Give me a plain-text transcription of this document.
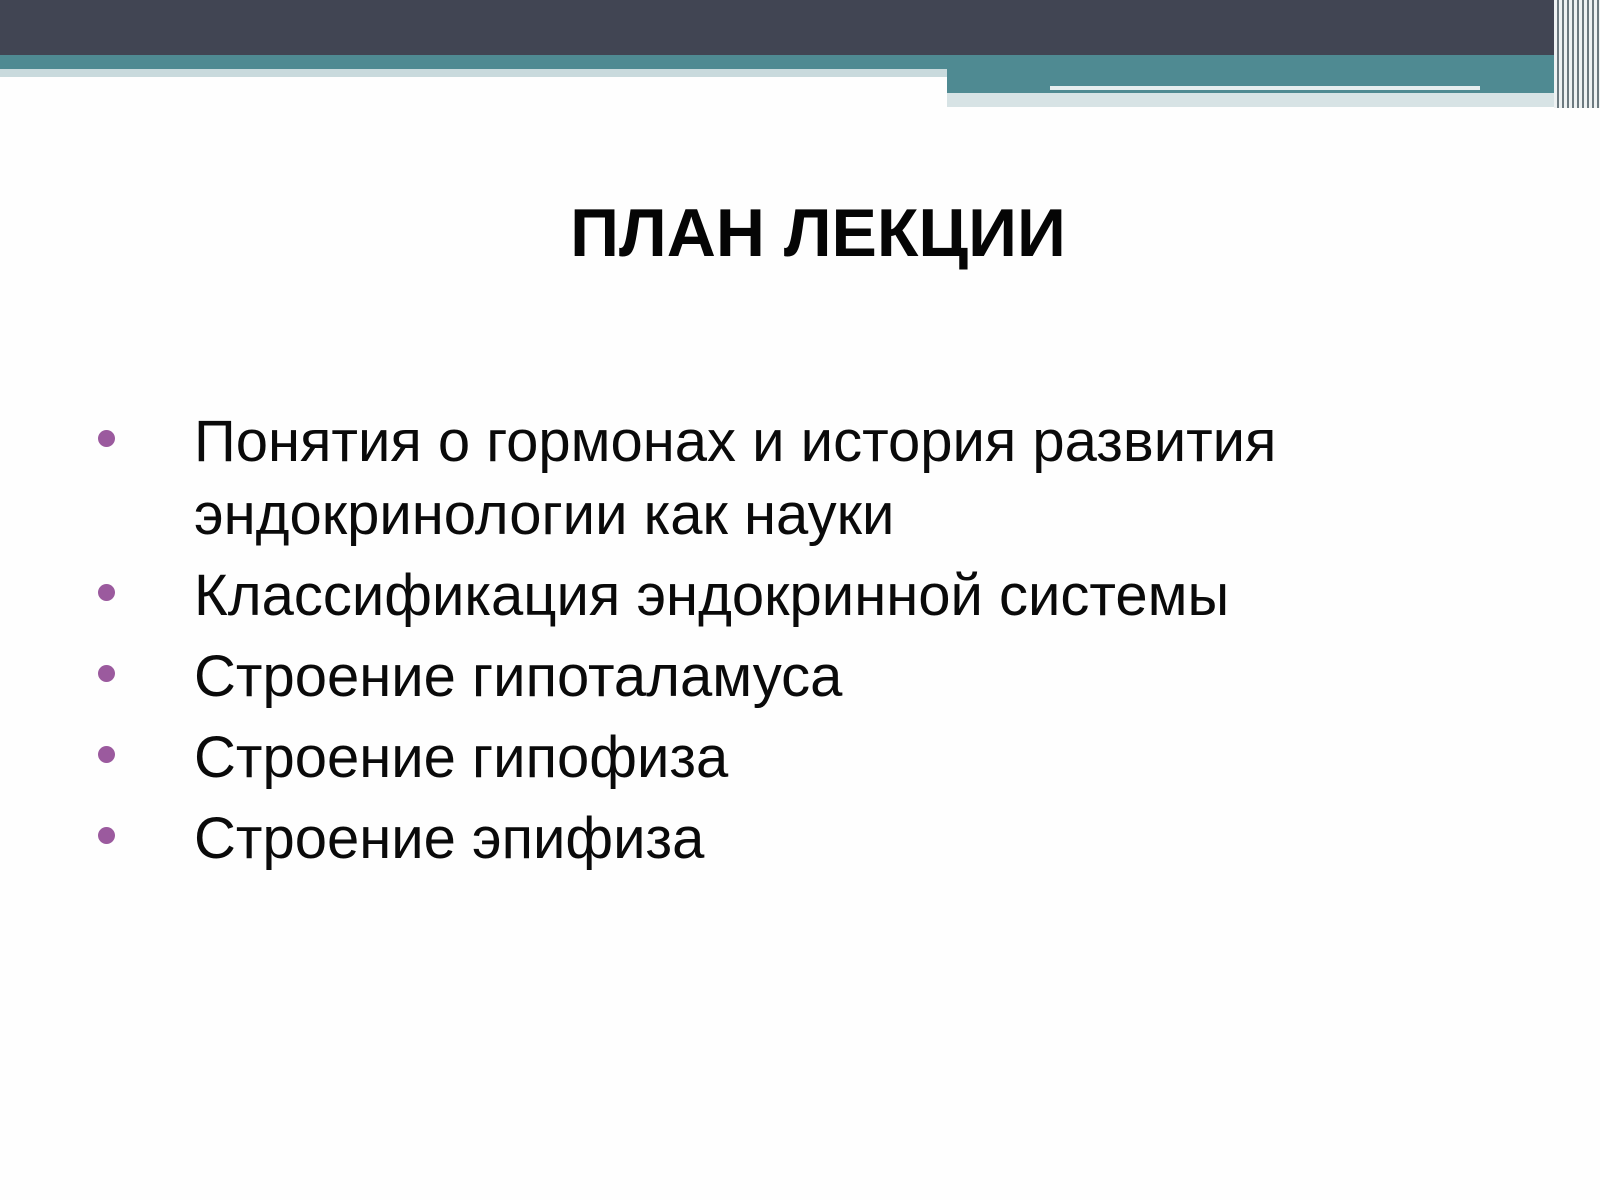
ПЛАН ЛЕКЦИИ
Понятия о гормонах и история развития эндокринологии как науки
Классификация эндокринной системы
Строение гипоталамуса
Строение гипофиза
Строение эпифиза
